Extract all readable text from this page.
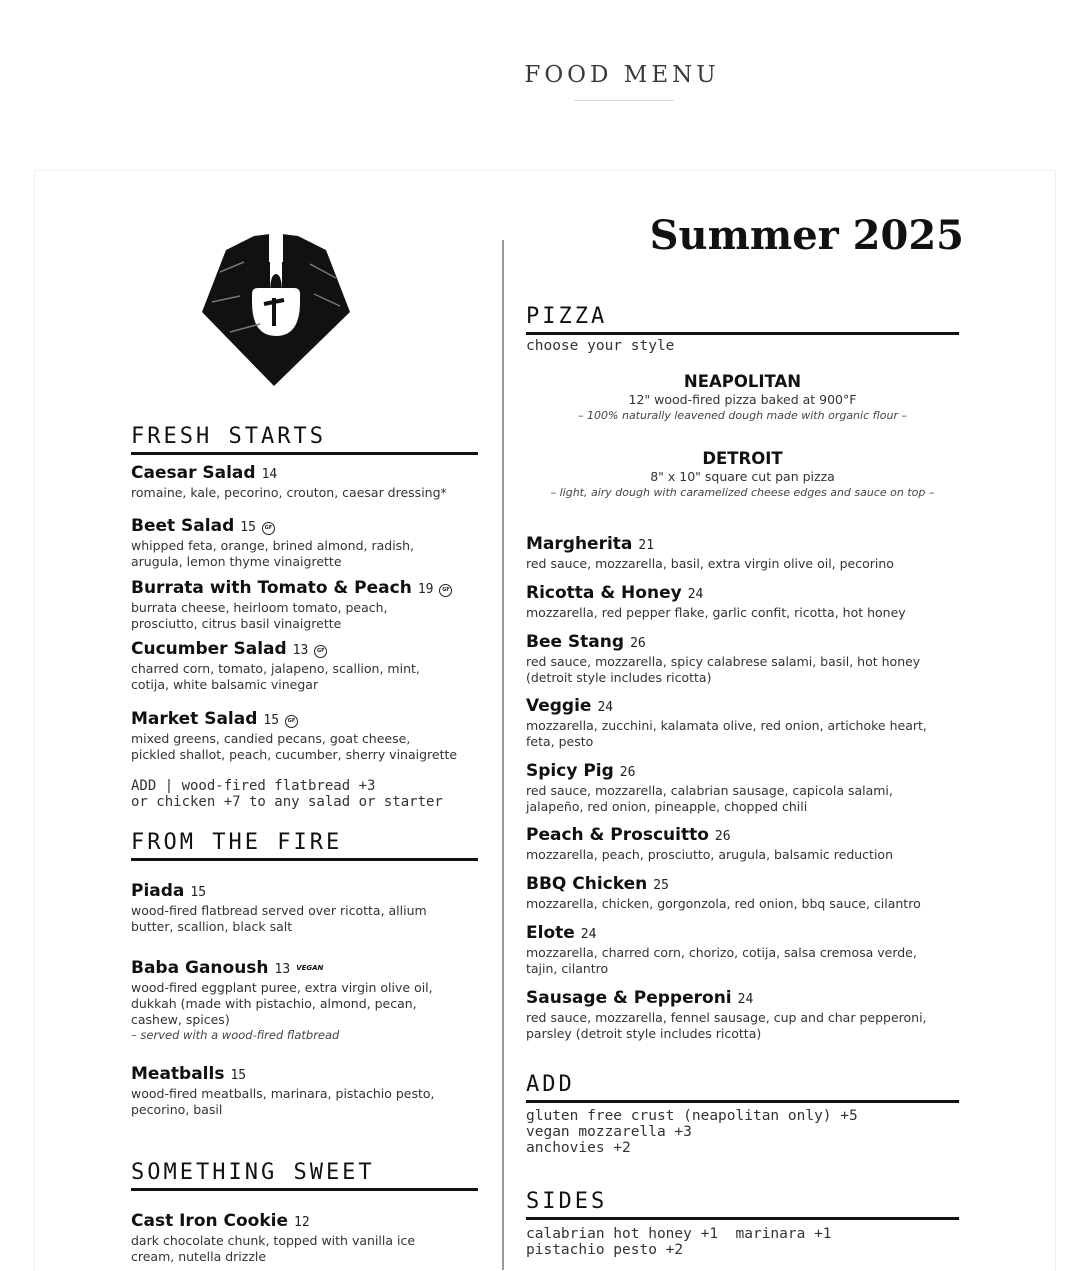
FOOD MENU
Summer 2025
FRESH STARTS
Caesar Salad 14
romaine, kale, pecorino, crouton, caesar dressing*
Beet Salad 15 GF
whipped feta, orange, brined almond, radish,
arugula, lemon thyme vinaigrette
Burrata with Tomato & Peach 19 GF
burrata cheese, heirloom tomato, peach,
prosciutto, citrus basil vinaigrette
Cucumber Salad 13 GF
charred corn, tomato, jalapeno, scallion, mint,
cotija, white balsamic vinegar
Market Salad 15 GF
mixed greens, candied pecans, goat cheese,
pickled shallot, peach, cucumber, sherry vinaigrette
ADD | wood-fired flatbread +3
or chicken +7 to any salad or starter
FROM THE FIRE
Piada 15
wood-fired flatbread served over ricotta, allium
butter, scallion, black salt
Baba Ganoush 13 VEGAN
wood-fired eggplant puree, extra virgin olive oil,
dukkah (made with pistachio, almond, pecan,
cashew, spices)
– served with a wood-fired flatbread
Meatballs 15
wood-fired meatballs, marinara, pistachio pesto,
pecorino, basil
SOMETHING SWEET
Cast Iron Cookie 12
dark chocolate chunk, topped with vanilla ice
cream, nutella drizzle
PIZZA
choose your style
NEAPOLITAN
12" wood-fired pizza baked at 900°F
– 100% naturally leavened dough made with organic flour –
DETROIT
8" x 10" square cut pan pizza
– light, airy dough with caramelized cheese edges and sauce on top –
Margherita 21
red sauce, mozzarella, basil, extra virgin olive oil, pecorino
Ricotta & Honey 24
mozzarella, red pepper flake, garlic confit, ricotta, hot honey
Bee Stang 26
red sauce, mozzarella, spicy calabrese salami, basil, hot honey
(detroit style includes ricotta)
Veggie 24
mozzarella, zucchini, kalamata olive, red onion, artichoke heart,
feta, pesto
Spicy Pig 26
red sauce, mozzarella, calabrian sausage, capicola salami,
jalapeño, red onion, pineapple, chopped chili
Peach & Proscuitto 26
mozzarella, peach, prosciutto, arugula, balsamic reduction
BBQ Chicken 25
mozzarella, chicken, gorgonzola, red onion, bbq sauce, cilantro
Elote 24
mozzarella, charred corn, chorizo, cotija, salsa cremosa verde,
tajin, cilantro
Sausage & Pepperoni 24
red sauce, mozzarella, fennel sausage, cup and char pepperoni,
parsley (detroit style includes ricotta)
ADD
gluten free crust (neapolitan only) +5
vegan mozzarella +3
anchovies +2
SIDES
calabrian hot honey +1  marinara +1
pistachio pesto +2
